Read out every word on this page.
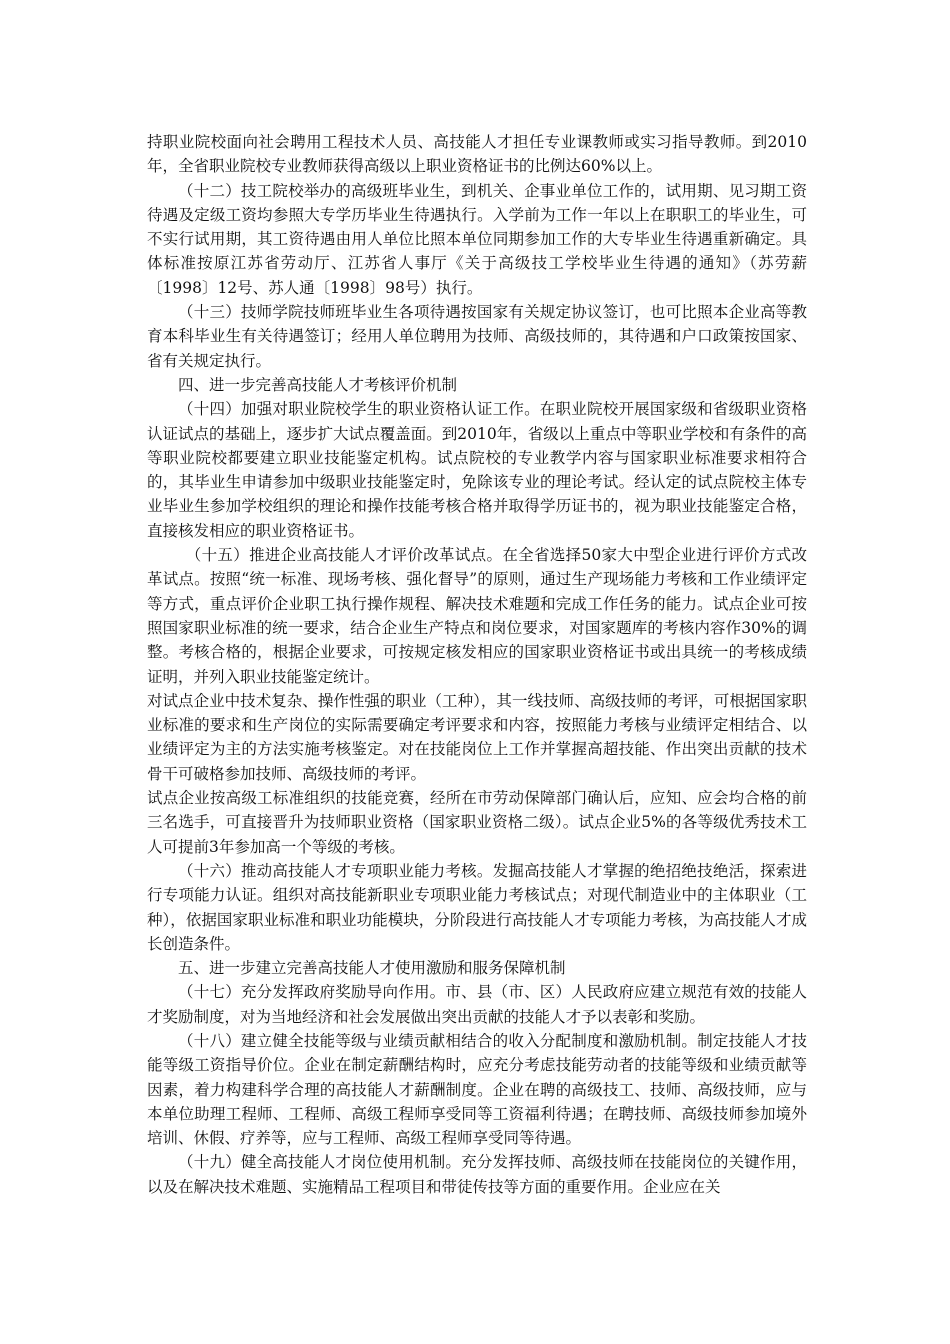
持职业院校面向社会聘用工程技术人员、高技能人才担任专业课教师或实习指导教师。到2010年，全省职业院校专业教师获得高级以上职业资格证书的比例达60%以上。

（十二）技工院校举办的高级班毕业生，到机关、企事业单位工作的，试用期、见习期工资待遇及定级工资均参照大专学历毕业生待遇执行。入学前为工作一年以上在职职工的毕业生，可不实行试用期，其工资待遇由用人单位比照本单位同期参加工作的大专毕业生待遇重新确定。具体标准按原江苏省劳动厅、江苏省人事厅《关于高级技工学校毕业生待遇的通知》（苏劳薪〔1998〕12号、苏人通〔1998〕98号）执行。

（十三）技师学院技师班毕业生各项待遇按国家有关规定协议签订，也可比照本企业高等教育本科毕业生有关待遇签订；经用人单位聘用为技师、高级技师的，其待遇和户口政策按国家、省有关规定执行。

四、进一步完善高技能人才考核评价机制

（十四）加强对职业院校学生的职业资格认证工作。在职业院校开展国家级和省级职业资格认证试点的基础上，逐步扩大试点覆盖面。到2010年，省级以上重点中等职业学校和有条件的高等职业院校都要建立职业技能鉴定机构。试点院校的专业教学内容与国家职业标准要求相符合的，其毕业生申请参加中级职业技能鉴定时，免除该专业的理论考试。经认定的试点院校主体专业毕业生参加学校组织的理论和操作技能考核合格并取得学历证书的，视为职业技能鉴定合格，直接核发相应的职业资格证书。

（十五）推进企业高技能人才评价改革试点。在全省选择50家大中型企业进行评价方式改革试点。按照“统一标准、现场考核、强化督导”的原则，通过生产现场能力考核和工作业绩评定等方式，重点评价企业职工执行操作规程、解决技术难题和完成工作任务的能力。试点企业可按照国家职业标准的统一要求，结合企业生产特点和岗位要求，对国家题库的考核内容作30%的调整。考核合格的，根据企业要求，可按规定核发相应的国家职业资格证书或出具统一的考核成绩证明，并列入职业技能鉴定统计。

对试点企业中技术复杂、操作性强的职业（工种），其一线技师、高级技师的考评，可根据国家职业标准的要求和生产岗位的实际需要确定考评要求和内容，按照能力考核与业绩评定相结合、以业绩评定为主的方法实施考核鉴定。对在技能岗位上工作并掌握高超技能、作出突出贡献的技术骨干可破格参加技师、高级技师的考评。

试点企业按高级工标准组织的技能竞赛，经所在市劳动保障部门确认后，应知、应会均合格的前三名选手，可直接晋升为技师职业资格（国家职业资格二级）。试点企业5%的各等级优秀技术工人可提前3年参加高一个等级的考核。

（十六）推动高技能人才专项职业能力考核。发掘高技能人才掌握的绝招绝技绝活，探索进行专项能力认证。组织对高技能新职业专项职业能力考核试点；对现代制造业中的主体职业（工种），依据国家职业标准和职业功能模块，分阶段进行高技能人才专项能力考核，为高技能人才成长创造条件。

五、进一步建立完善高技能人才使用激励和服务保障机制

（十七）充分发挥政府奖励导向作用。市、县（市、区）人民政府应建立规范有效的技能人才奖励制度，对为当地经济和社会发展做出突出贡献的技能人才予以表彰和奖励。

（十八）建立健全技能等级与业绩贡献相结合的收入分配制度和激励机制。制定技能人才技能等级工资指导价位。企业在制定薪酬结构时，应充分考虑技能劳动者的技能等级和业绩贡献等因素，着力构建科学合理的高技能人才薪酬制度。企业在聘的高级技工、技师、高级技师，应与本单位助理工程师、工程师、高级工程师享受同等工资福利待遇；在聘技师、高级技师参加境外培训、休假、疗养等，应与工程师、高级工程师享受同等待遇。

（十九）健全高技能人才岗位使用机制。充分发挥技师、高级技师在技能岗位的关键作用，以及在解决技术难题、实施精品工程项目和带徒传技等方面的重要作用。企业应在关
